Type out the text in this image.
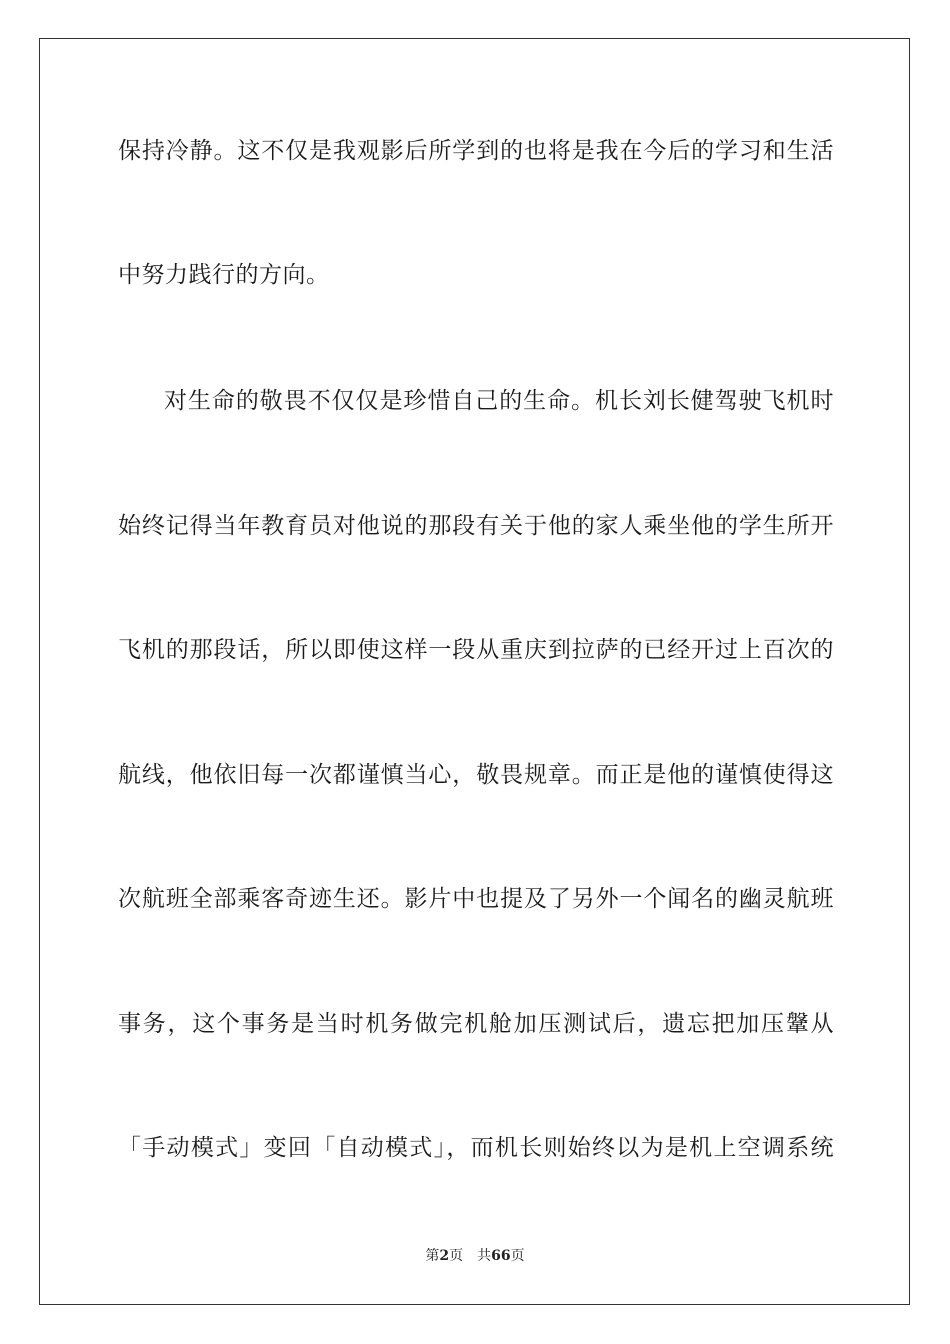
保持冷静。这不仅是我观影后所学到的也将是我在今后的学习和生活
中努力践行的方向。
对生命的敬畏不仅仅是珍惜自己的生命。机长刘长健驾驶飞机时
始终记得当年教育员对他说的那段有关于他的家人乘坐他的学生所开
飞机的那段话，所以即使这样一段从重庆到拉萨的已经开过上百次的
航线，他依旧每一次都谨慎当心，敬畏规章。而正是他的谨慎使得这
次航班全部乘客奇迹生还。影片中也提及了另外一个闻名的幽灵航班
事务，这个事务是当时机务做完机舱加压测试后，遗忘把加压鞶从
「手动模式」变回「自动模式」，而机长则始终以为是机上空调系统
第2页 共66页
